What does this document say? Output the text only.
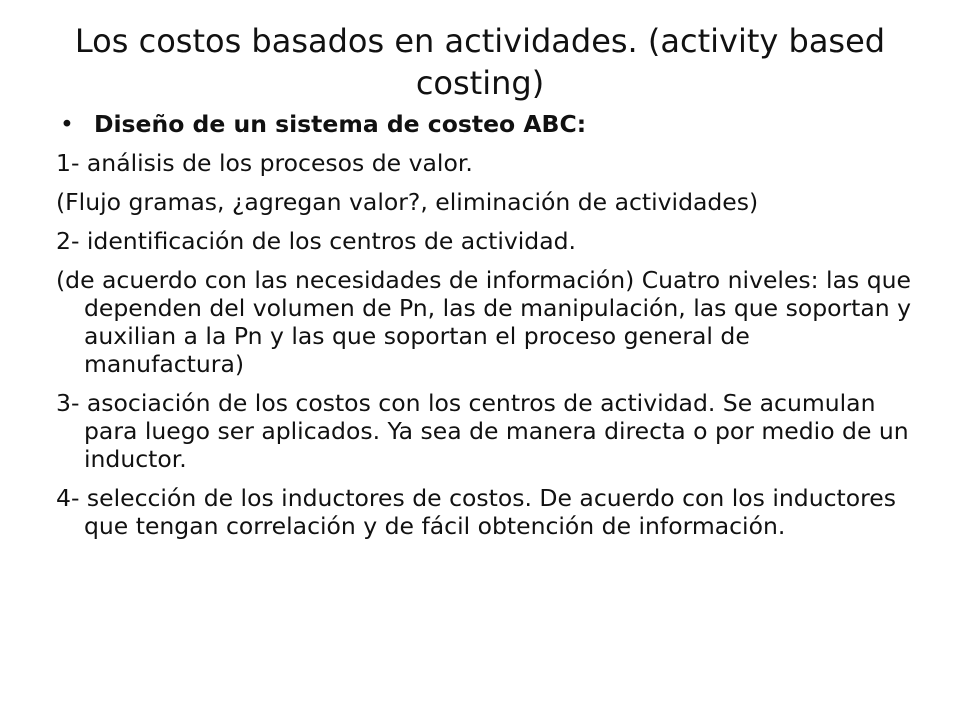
Los costos basados en actividades. (activity based costing)
• Diseño de un sistema de costeo ABC:
1- análisis de los procesos de valor.
(Flujo gramas, ¿agregan valor?, eliminación de actividades)
2- identificación de los centros de actividad.
(de acuerdo con las necesidades de información) Cuatro niveles: las que dependen del volumen de Pn, las de manipulación, las que soportan y auxilian a la Pn y las que soportan el proceso general de manufactura)
3- asociación de los costos con los centros de actividad. Se acumulan para luego ser aplicados. Ya sea de manera directa o por medio de un inductor.
4- selección de los inductores de costos. De acuerdo con los inductores que tengan correlación y de fácil obtención de información.
